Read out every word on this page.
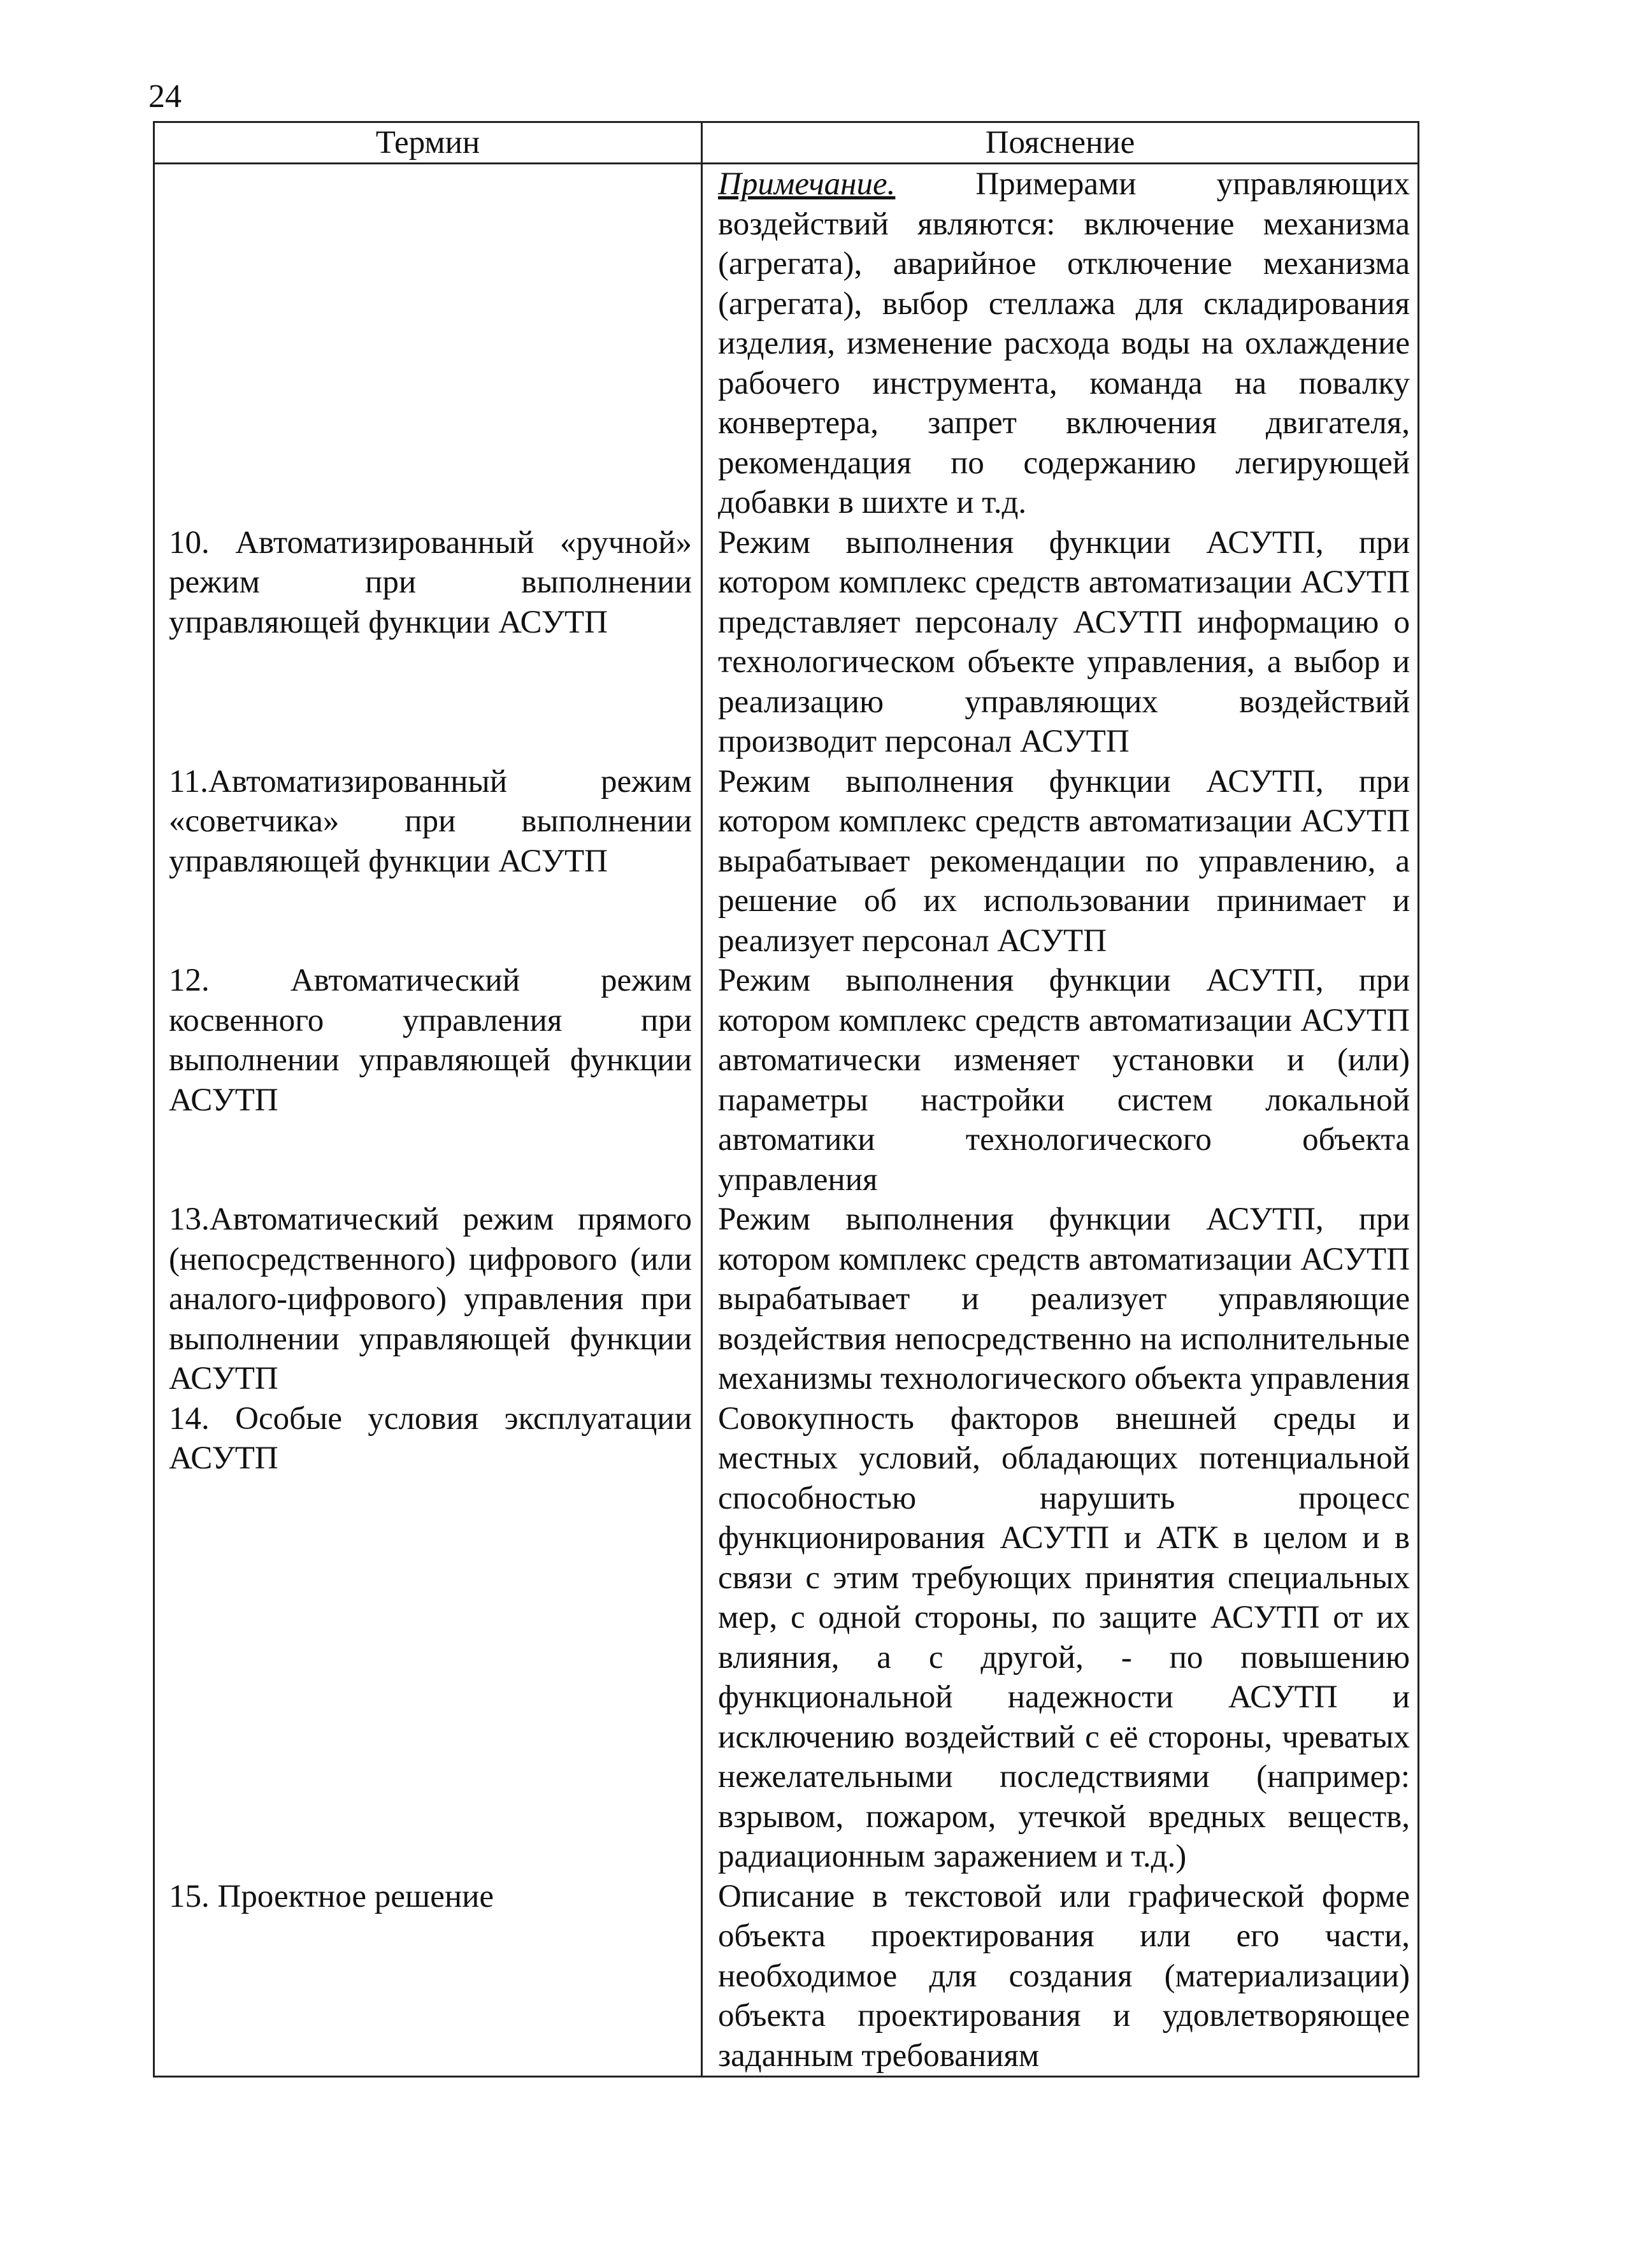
24
Термин	Пояснение
	Примечание. Примерами управляющих воздействий являются: включение механизма (агрегата), аварийное отключение механизма (агрегата), выбор стеллажа для складирования изделия, изменение расхода воды на охлаждение рабочего инструмента, команда на повалку конвертера, запрет включения двигателя, рекомендация по содержанию легирующей добавки в шихте и т.д.
10. Автоматизированный «ручной» режим при выполнении управляющей функции АСУТП	Режим выполнения функции АСУТП, при котором комплекс средств автоматизации АСУТП представляет персоналу АСУТП информацию о технологическом объекте управления, а выбор и реализацию управляющих воздействий производит персонал АСУТП
11.Автоматизированный режим «советчика» при выполнении управляющей функции АСУТП	Режим выполнения функции АСУТП, при котором комплекс средств автоматизации АСУТП вырабатывает рекомендации по управлению, а решение об их использовании принимает и реализует персонал АСУТП
12. Автоматический режим косвенного управления при выполнении управляющей функции АСУТП	Режим выполнения функции АСУТП, при котором комплекс средств автоматизации АСУТП автоматически изменяет установки и (или) параметры настройки систем локальной автоматики технологического объекта управления
13.Автоматический режим прямого (непосредственного) цифрового (или аналого-цифрового) управления при выполнении управляющей функции АСУТП	Режим выполнения функции АСУТП, при котором комплекс средств автоматизации АСУТП вырабатывает и реализует управляющие воздействия непосредственно на исполнительные механизмы технологического объекта управления
14. Особые условия эксплуатации АСУТП	Совокупность факторов внешней среды и местных условий, обладающих потенциальной способностью нарушить процесс функционирования АСУТП и АТК в целом и в связи с этим требующих принятия специальных мер, с одной стороны, по защите АСУТП от их влияния, а с другой, - по повышению функциональной надежности АСУТП и исключению воздействий с её стороны, чреватых нежелательными последствиями (например: взрывом, пожаром, утечкой вредных веществ, радиационным заражением и т.д.)
15. Проектное решение	Описание в текстовой или графической форме объекта проектирования или его части, необходимое для создания (материализации) объекта проектирования и удовлетворяющее заданным требованиям
